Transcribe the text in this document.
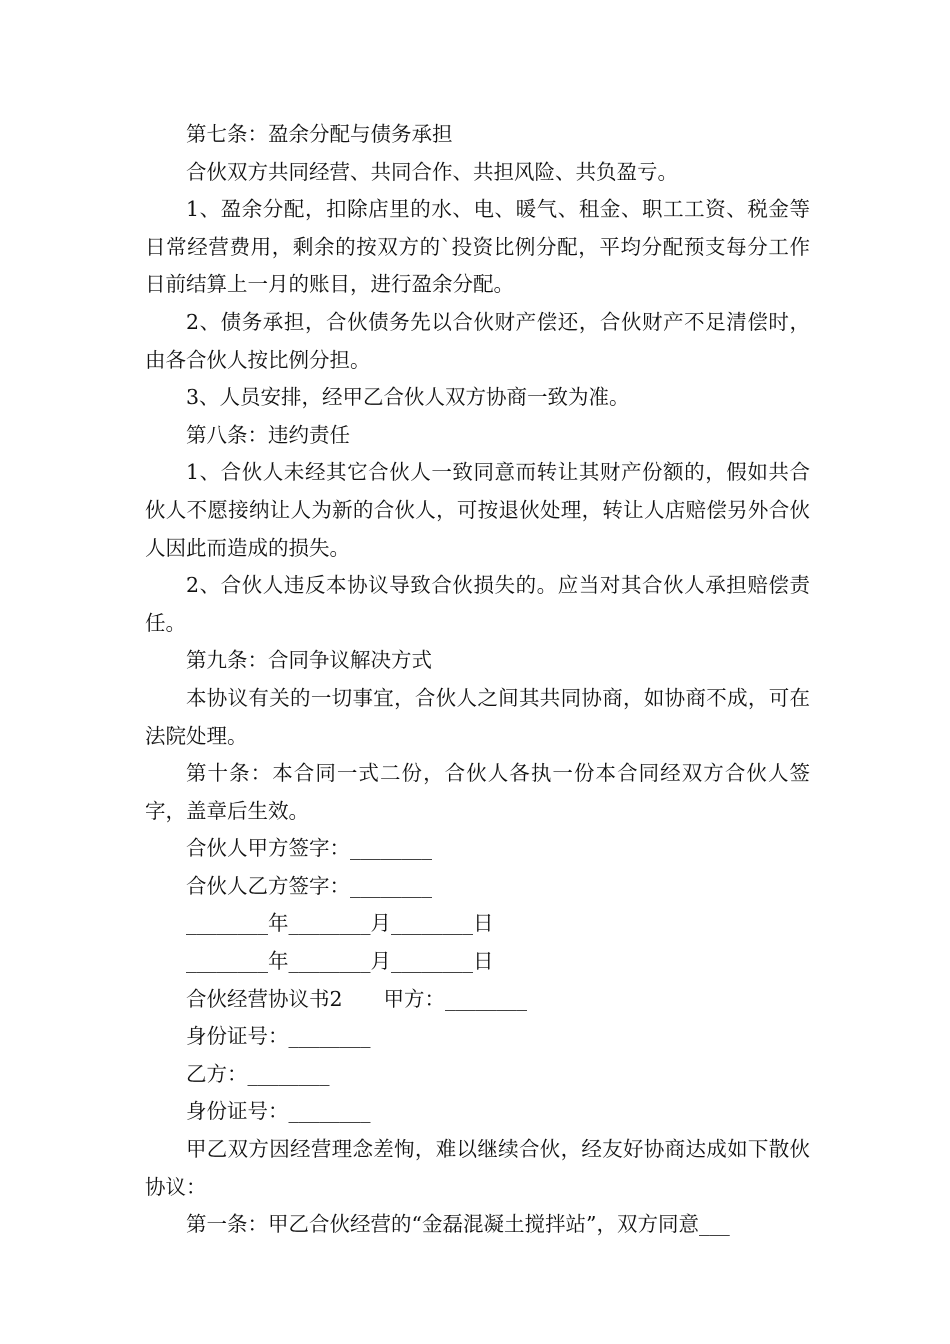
第七条：盈余分配与债务承担

合伙双方共同经营、共同合作、共担风险、共负盈亏。

1、盈余分配，扣除店里的水、电、暖气、租金、职工工资、税金等日常经营费用，剩余的按双方的`投资比例分配，平均分配预支每分工作日前结算上一月的账目，进行盈余分配。

2、债务承担，合伙债务先以合伙财产偿还，合伙财产不足清偿时，由各合伙人按比例分担。

3、人员安排，经甲乙合伙人双方协商一致为准。

第八条：违约责任

1、合伙人未经其它合伙人一致同意而转让其财产份额的，假如共合伙人不愿接纳让人为新的合伙人，可按退伙处理，转让人店赔偿另外合伙人因此而造成的损失。

2、合伙人违反本协议导致合伙损失的。应当对其合伙人承担赔偿责任。

第九条：合同争议解决方式

本协议有关的一切事宜，合伙人之间其共同协商，如协商不成，可在法院处理。

第十条：本合同一式二份，合伙人各执一份本合同经双方合伙人签字，盖章后生效。

合伙人甲方签字：________

合伙人乙方签字：________

________年________月________日

________年________月________日

合伙经营协议书2　　甲方：________

身份证号：________

乙方：________

身份证号：________

甲乙双方因经营理念差恂，难以继续合伙，经友好协商达成如下散伙协议：

第一条：甲乙合伙经营的“金磊混凝土搅拌站”，双方同意___
